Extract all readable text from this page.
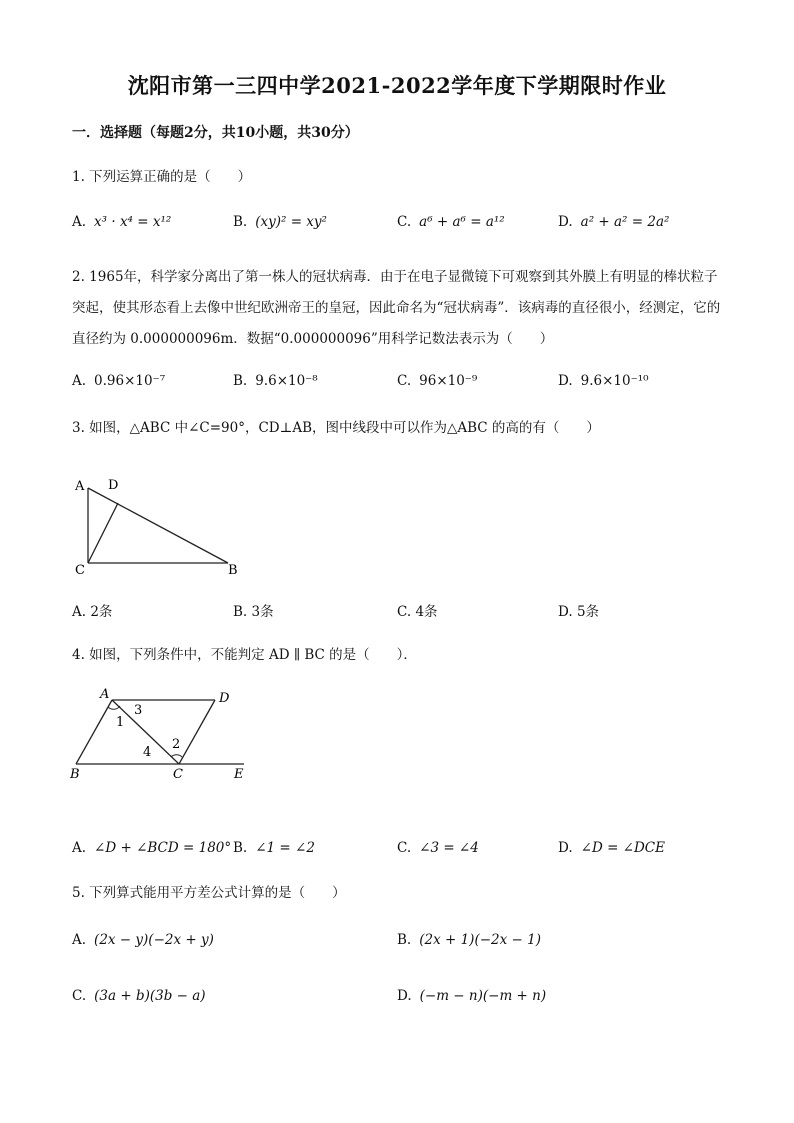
沈阳市第一三四中学2021-2022学年度下学期限时作业
一．选择题（每题2分，共10小题，共30分）
1. 下列运算正确的是（　　）
A. x³ · x⁴ = x¹²	B. (xy)² = xy²	C. a⁶ + a⁶ = a¹²	D. a² + a² = 2a²
2. 1965年，科学家分离出了第一株人的冠状病毒．由于在电子显微镜下可观察到其外膜上有明显的棒状粒子突起，使其形态看上去像中世纪欧洲帝王的皇冠，因此命名为“冠状病毒”．该病毒的直径很小，经测定，它的直径约为 0.000000096m．数据“0.000000096”用科学记数法表示为（　　）
A. 0.96×10⁻⁷	B. 9.6×10⁻⁸	C. 96×10⁻⁹	D. 9.6×10⁻¹⁰
3. 如图，△ABC 中∠C=90°，CD⊥AB，图中线段中可以作为△ABC 的高的有（　　）
A D
C	B
A. 2条	B. 3条	C. 4条	D. 5条
4. 如图，下列条件中，不能判定 AD ∥ BC 的是（　　）．
A	D
B	C	E
1
3
2
4
A. ∠D + ∠BCD = 180° B. ∠1 = ∠2	C. ∠3 = ∠4	D. ∠D = ∠DCE
5. 下列算式能用平方差公式计算的是（　　）
A. (2x − y)(−2x + y)	B. (2x + 1)(−2x − 1)
C. (3a + b)(3b − a)	D. (−m − n)(−m + n)
